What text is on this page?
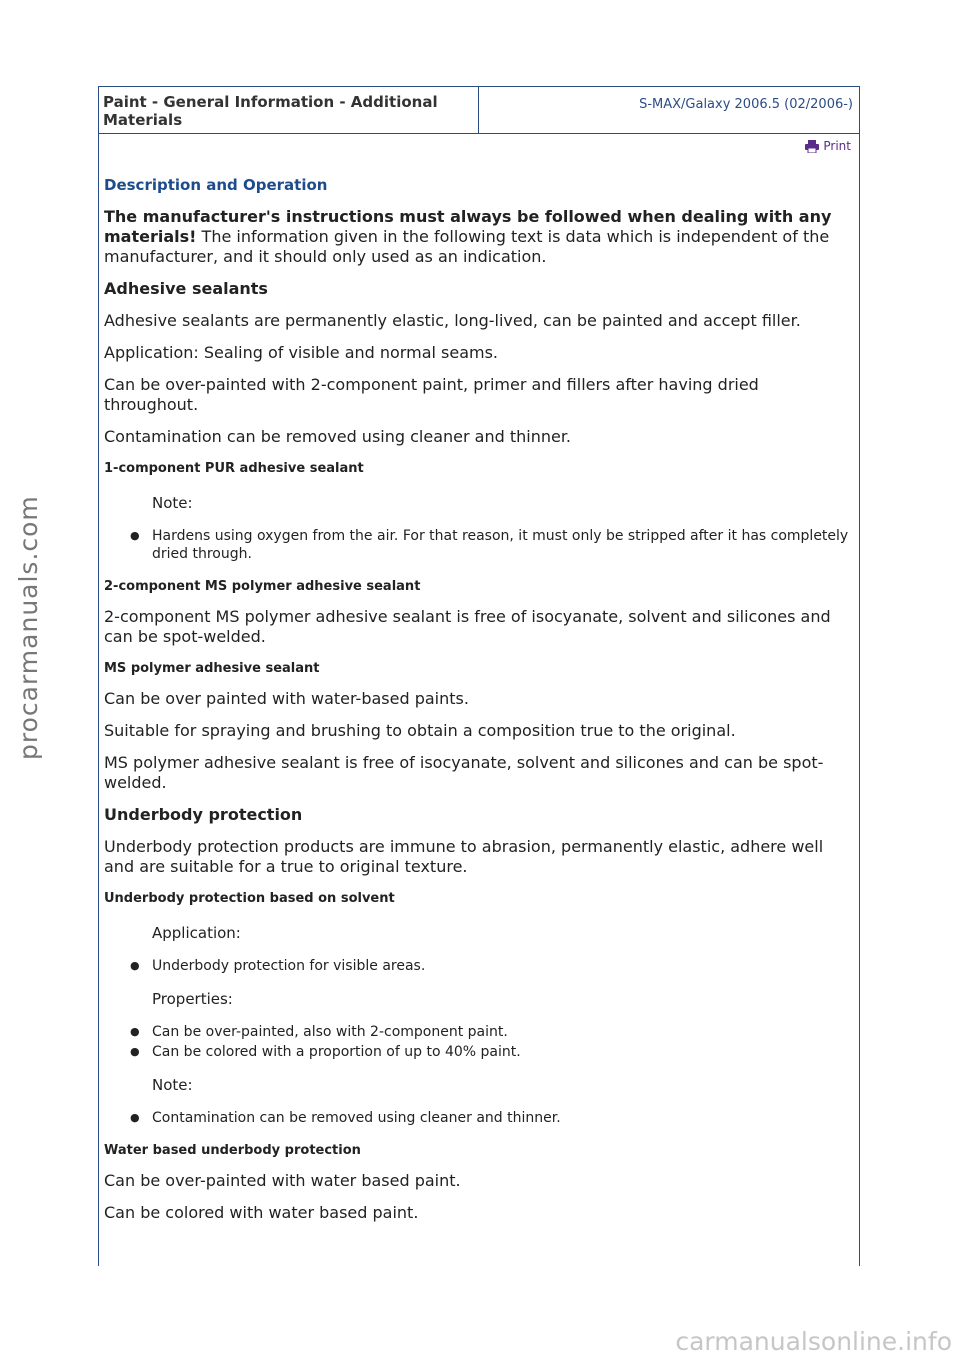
Paint - General Information - Additional Materials
S-MAX/Galaxy 2006.5 (02/2006-)
Print
Description and Operation

The manufacturer's instructions must always be followed when dealing with any materials! The information given in the following text is data which is independent of the manufacturer, and it should only used as an indication.

Adhesive sealants

Adhesive sealants are permanently elastic, long-lived, can be painted and accept filler.

Application: Sealing of visible and normal seams.

Can be over-painted with 2-component paint, primer and fillers after having dried throughout.

Contamination can be removed using cleaner and thinner.

1-component PUR adhesive sealant
Note:
● Hardens using oxygen from the air. For that reason, it must only be stripped after it has completely dried through.
2-component MS polymer adhesive sealant

2-component MS polymer adhesive sealant is free of isocyanate, solvent and silicones and can be spot-welded.

MS polymer adhesive sealant

Can be over painted with water-based paints.

Suitable for spraying and brushing to obtain a composition true to the original.

MS polymer adhesive sealant is free of isocyanate, solvent and silicones and can be spot-welded.

Underbody protection

Underbody protection products are immune to abrasion, permanently elastic, adhere well and are suitable for a true to original texture.

Underbody protection based on solvent
Application:
● Underbody protection for visible areas.
Properties:
● Can be over-painted, also with 2-component paint.
● Can be colored with a proportion of up to 40% paint.
Note:
● Contamination can be removed using cleaner and thinner.
Water based underbody protection

Can be over-painted with water based paint.

Can be colored with water based paint.

procarmanuals.com
carmanualsonline.info
